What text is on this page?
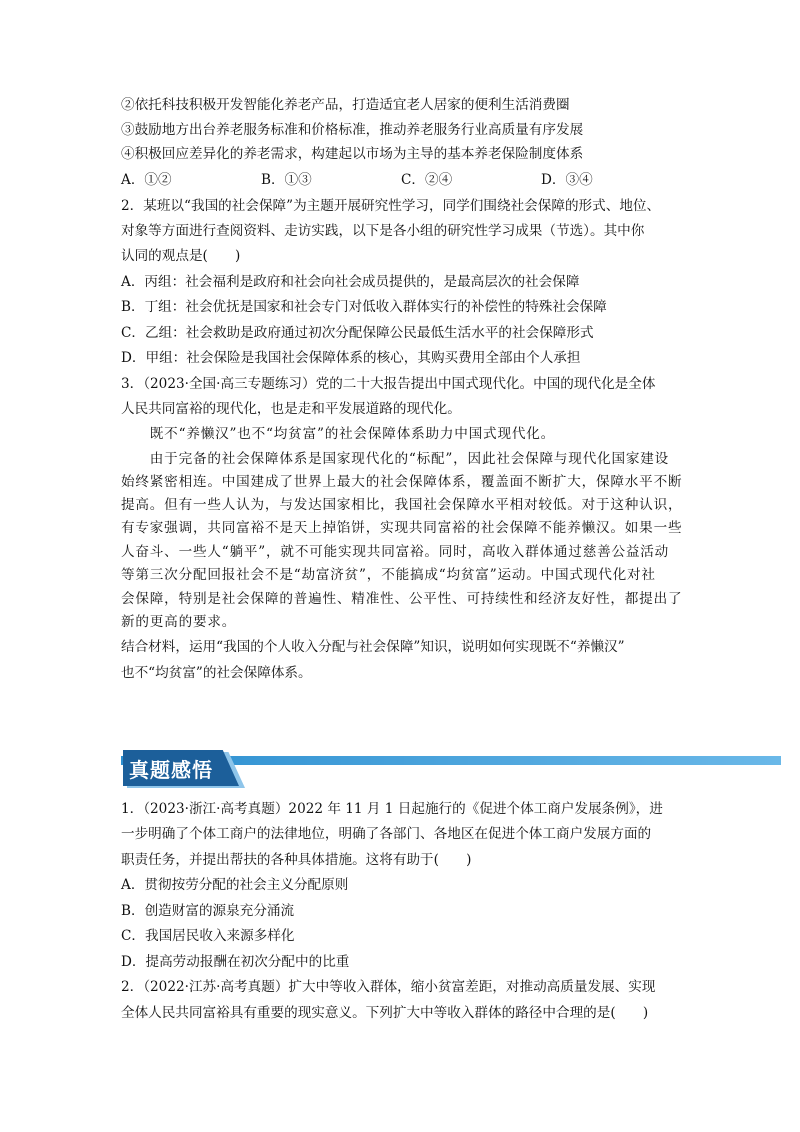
②依托科技积极开发智能化养老产品，打造适宜老人居家的便利生活消费圈
③鼓励地方出台养老服务标准和价格标准，推动养老服务行业高质量有序发展
④积极回应差异化的养老需求，构建起以市场为主导的基本养老保险制度体系
A．①②	B．①③	C．②④	D．③④
2．某班以“我国的社会保障”为主题开展研究性学习，同学们围绕社会保障的形式、地位、
对象等方面进行查阅资料、走访实践，以下是各小组的研究性学习成果（节选）。其中你
认同的观点是(　　)
A．丙组：社会福利是政府和社会向社会成员提供的，是最高层次的社会保障
B．丁组：社会优抚是国家和社会专门对低收入群体实行的补偿性的特殊社会保障
C．乙组：社会救助是政府通过初次分配保障公民最低生活水平的社会保障形式
D．甲组：社会保险是我国社会保障体系的核心，其购买费用全部由个人承担
3．（2023·全国·高三专题练习）党的二十大报告提出中国式现代化。中国的现代化是全体
人民共同富裕的现代化，也是走和平发展道路的现代化。
　　既不“养懒汉”也不“均贫富”的社会保障体系助力中国式现代化。
　　由于完备的社会保障体系是国家现代化的“标配”，因此社会保障与现代化国家建设
始终紧密相连。中国建成了世界上最大的社会保障体系，覆盖面不断扩大，保障水平不断
提高。但有一些人认为，与发达国家相比，我国社会保障水平相对较低。对于这种认识，
有专家强调，共同富裕不是天上掉馅饼，实现共同富裕的社会保障不能养懒汉。如果一些
人奋斗、一些人“躺平”，就不可能实现共同富裕。同时，高收入群体通过慈善公益活动
等第三次分配回报社会不是“劫富济贫”，不能搞成“均贫富”运动。中国式现代化对社
会保障，特别是社会保障的普遍性、精准性、公平性、可持续性和经济友好性，都提出了
新的更高的要求。
结合材料，运用“我国的个人收入分配与社会保障”知识，说明如何实现既不“养懒汉”
也不“均贫富”的社会保障体系。
真题感悟
1．（2023·浙江·高考真题）2022 年 11 月 1 日起施行的《促进个体工商户发展条例》，进
一步明确了个体工商户的法律地位，明确了各部门、各地区在促进个体工商户发展方面的
职责任务，并提出帮扶的各种具体措施。这将有助于(　　)
A．贯彻按劳分配的社会主义分配原则
B．创造财富的源泉充分涌流
C．我国居民收入来源多样化
D．提高劳动报酬在初次分配中的比重
2．（2022·江苏·高考真题）扩大中等收入群体，缩小贫富差距，对推动高质量发展、实现
全体人民共同富裕具有重要的现实意义。下列扩大中等收入群体的路径中合理的是(　　)
